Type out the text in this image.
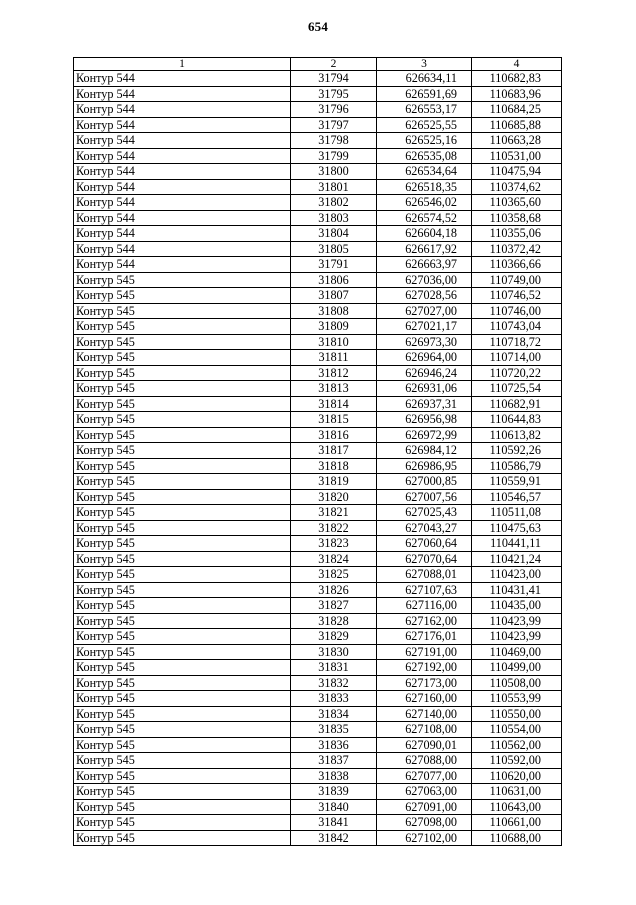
654
1	2	3	4
Контур 544	31794	626634,11	110682,83
Контур 544	31795	626591,69	110683,96
Контур 544	31796	626553,17	110684,25
Контур 544	31797	626525,55	110685,88
Контур 544	31798	626525,16	110663,28
Контур 544	31799	626535,08	110531,00
Контур 544	31800	626534,64	110475,94
Контур 544	31801	626518,35	110374,62
Контур 544	31802	626546,02	110365,60
Контур 544	31803	626574,52	110358,68
Контур 544	31804	626604,18	110355,06
Контур 544	31805	626617,92	110372,42
Контур 544	31791	626663,97	110366,66
Контур 545	31806	627036,00	110749,00
Контур 545	31807	627028,56	110746,52
Контур 545	31808	627027,00	110746,00
Контур 545	31809	627021,17	110743,04
Контур 545	31810	626973,30	110718,72
Контур 545	31811	626964,00	110714,00
Контур 545	31812	626946,24	110720,22
Контур 545	31813	626931,06	110725,54
Контур 545	31814	626937,31	110682,91
Контур 545	31815	626956,98	110644,83
Контур 545	31816	626972,99	110613,82
Контур 545	31817	626984,12	110592,26
Контур 545	31818	626986,95	110586,79
Контур 545	31819	627000,85	110559,91
Контур 545	31820	627007,56	110546,57
Контур 545	31821	627025,43	110511,08
Контур 545	31822	627043,27	110475,63
Контур 545	31823	627060,64	110441,11
Контур 545	31824	627070,64	110421,24
Контур 545	31825	627088,01	110423,00
Контур 545	31826	627107,63	110431,41
Контур 545	31827	627116,00	110435,00
Контур 545	31828	627162,00	110423,99
Контур 545	31829	627176,01	110423,99
Контур 545	31830	627191,00	110469,00
Контур 545	31831	627192,00	110499,00
Контур 545	31832	627173,00	110508,00
Контур 545	31833	627160,00	110553,99
Контур 545	31834	627140,00	110550,00
Контур 545	31835	627108,00	110554,00
Контур 545	31836	627090,01	110562,00
Контур 545	31837	627088,00	110592,00
Контур 545	31838	627077,00	110620,00
Контур 545	31839	627063,00	110631,00
Контур 545	31840	627091,00	110643,00
Контур 545	31841	627098,00	110661,00
Контур 545	31842	627102,00	110688,00
